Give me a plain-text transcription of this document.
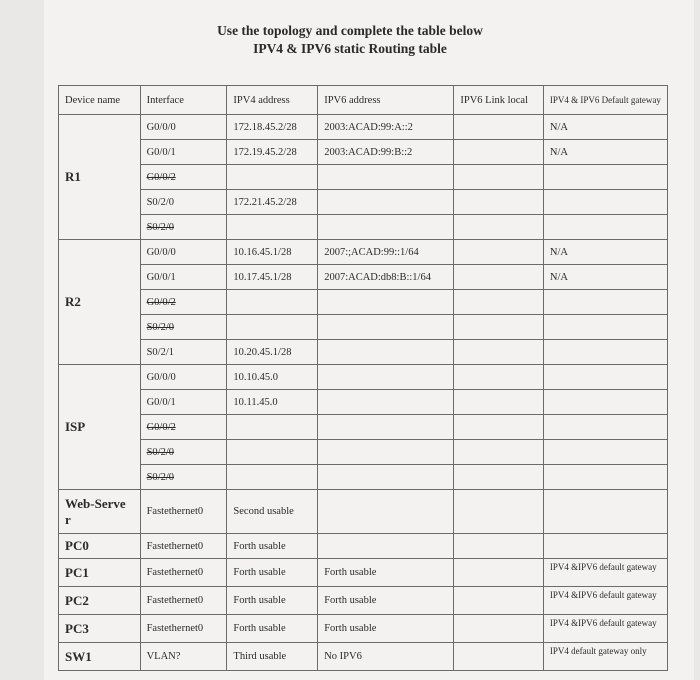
Use the topology and complete the table below
IPV4 & IPV6 static Routing table
Device name	Interface	IPV4 address	IPV6 address	IPV6 Link local	IPV4 & IPV6 Default gateway
R1	G0/0/0	172.18.45.2/28	2003:ACAD:99:A::2		N/A
	G0/0/1	172.19.45.2/28	2003:ACAD:99:B::2		N/A
	G0/0/2				
	S0/2/0	172.21.45.2/28			
	S0/2/0				
R2	G0/0/0	10.16.45.1/28	2007:;ACAD:99::1/64		N/A
	G0/0/1	10.17.45.1/28	2007:ACAD:db8:B::1/64		N/A
	G0/0/2				
	S0/2/0				
	S0/2/1	10.20.45.1/28			
ISP	G0/0/0	10.10.45.0			
	G0/0/1	10.11.45.0			
	G0/0/2				
	S0/2/0				
	S0/2/0				
Web-Serve r	Fastethernet0	Second usable			
PC0	Fastethernet0	Forth usable			
PC1	Fastethernet0	Forth usable	Forth usable		IPV4 &IPV6 default gateway
PC2	Fastethernet0	Forth usable	Forth usable		IPV4 &IPV6 default gateway
PC3	Fastethernet0	Forth usable	Forth usable		IPV4 &IPV6 default gateway
SW1	VLAN?	Third usable	No IPV6		IPV4 default gateway only
